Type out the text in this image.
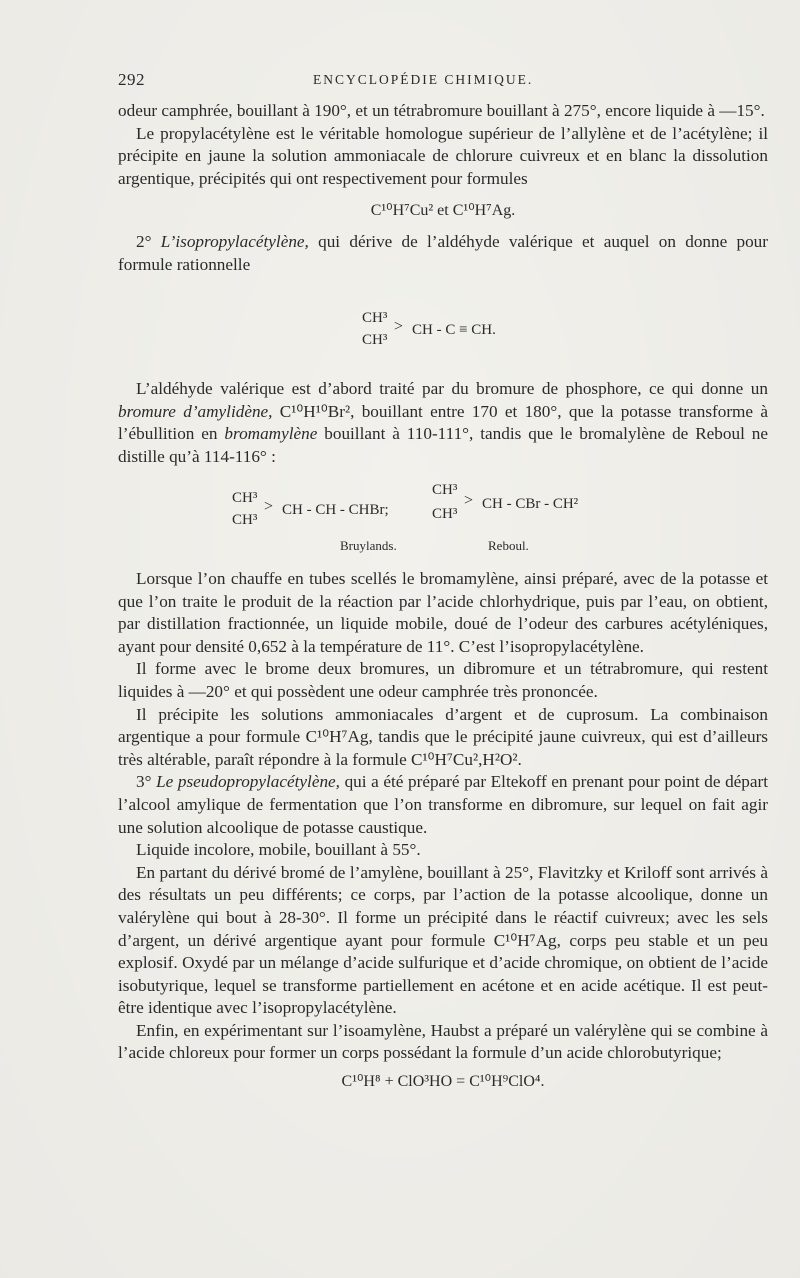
292	ENCYCLOPÉDIE CHIMIQUE.

odeur camphrée, bouillant à 190°, et un tétrabromure bouillant à 275°, encore liquide à —15°.

Le propylacétylène est le véritable homologue supérieur de l’allylène et de l’acétylène; il précipite en jaune la solution ammoniacale de chlorure cuivreux et en blanc la dissolution argentique, précipités qui ont respectivement pour formules

C¹⁰H⁷Cu² et C¹⁰H⁷Ag.

2° L’isopropylacétylène, qui dérive de l’aldéhyde valérique et auquel on donne pour formule rationnelle

CH³
CH³
> CH - C ≡ CH.

L’aldéhyde valérique est d’abord traité par du bromure de phosphore, ce qui donne un bromure d’amylidène, C¹⁰H¹⁰Br², bouillant entre 170 et 180°, que la potasse transforme à l’ébullition en bromamylène bouillant à 110-111°, tandis que le bromalylène de Reboul ne distille qu’à 114-116° :

CH³
CH³
> CH - CH - CHBr;
Bruylands.
CH³
CH³
> CH - CBr - CH²
Reboul.

Lorsque l’on chauffe en tubes scellés le bromamylène, ainsi préparé, avec de la potasse et que l’on traite le produit de la réaction par l’acide chlorhydrique, puis par l’eau, on obtient, par distillation fractionnée, un liquide mobile, doué de l’odeur des carbures acétyléniques, ayant pour densité 0,652 à la température de 11°. C’est l’isopropylacétylène.

Il forme avec le brome deux bromures, un dibromure et un tétrabromure, qui restent liquides à —20° et qui possèdent une odeur camphrée très prononcée.

Il précipite les solutions ammoniacales d’argent et de cuprosum. La combinaison argentique a pour formule C¹⁰H⁷Ag, tandis que le précipité jaune cuivreux, qui est d’ailleurs très altérable, paraît répondre à la formule C¹⁰H⁷Cu²,H²O².

3° Le pseudopropylacétylène, qui a été préparé par Eltekoff en prenant pour point de départ l’alcool amylique de fermentation que l’on transforme en dibromure, sur lequel on fait agir une solution alcoolique de potasse caustique.

Liquide incolore, mobile, bouillant à 55°.

En partant du dérivé bromé de l’amylène, bouillant à 25°, Flavitzky et Kriloff sont arrivés à des résultats un peu différents; ce corps, par l’action de la potasse alcoolique, donne un valérylène qui bout à 28-30°. Il forme un précipité dans le réactif cuivreux; avec les sels d’argent, un dérivé argentique ayant pour formule C¹⁰H⁷Ag, corps peu stable et un peu explosif. Oxydé par un mélange d’acide sulfurique et d’acide chromique, on obtient de l’acide isobutyrique, lequel se transforme partiellement en acétone et en acide acétique. Il est peut-être identique avec l’isopropylacétylène.

Enfin, en expérimentant sur l’isoamylène, Haubst a préparé un valérylène qui se combine à l’acide chloreux pour former un corps possédant la formule d’un acide chlorobutyrique;

C¹⁰H⁸ + ClO³HO = C¹⁰H⁹ClO⁴.
